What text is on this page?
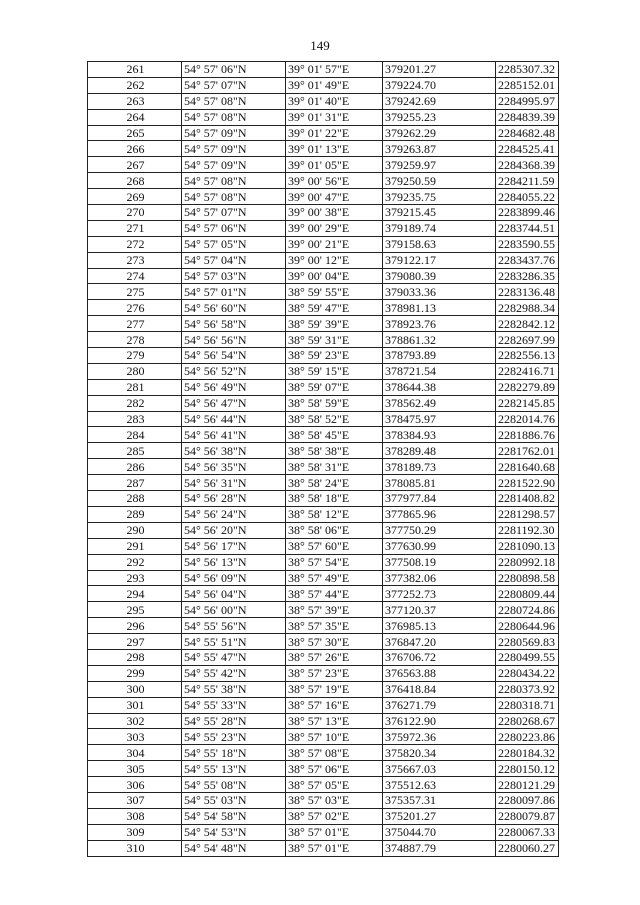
149
261	54° 57' 06"N	39° 01' 57"E	379201.27	2285307.32
262	54° 57' 07"N	39° 01' 49"E	379224.70	2285152.01
263	54° 57' 08"N	39° 01' 40"E	379242.69	2284995.97
264	54° 57' 08"N	39° 01' 31"E	379255.23	2284839.39
265	54° 57' 09"N	39° 01' 22"E	379262.29	2284682.48
266	54° 57' 09"N	39° 01' 13"E	379263.87	2284525.41
267	54° 57' 09"N	39° 01' 05"E	379259.97	2284368.39
268	54° 57' 08"N	39° 00' 56"E	379250.59	2284211.59
269	54° 57' 08"N	39° 00' 47"E	379235.75	2284055.22
270	54° 57' 07"N	39° 00' 38"E	379215.45	2283899.46
271	54° 57' 06"N	39° 00' 29"E	379189.74	2283744.51
272	54° 57' 05"N	39° 00' 21"E	379158.63	2283590.55
273	54° 57' 04"N	39° 00' 12"E	379122.17	2283437.76
274	54° 57' 03"N	39° 00' 04"E	379080.39	2283286.35
275	54° 57' 01"N	38° 59' 55"E	379033.36	2283136.48
276	54° 56' 60"N	38° 59' 47"E	378981.13	2282988.34
277	54° 56' 58"N	38° 59' 39"E	378923.76	2282842.12
278	54° 56' 56"N	38° 59' 31"E	378861.32	2282697.99
279	54° 56' 54"N	38° 59' 23"E	378793.89	2282556.13
280	54° 56' 52"N	38° 59' 15"E	378721.54	2282416.71
281	54° 56' 49"N	38° 59' 07"E	378644.38	2282279.89
282	54° 56' 47"N	38° 58' 59"E	378562.49	2282145.85
283	54° 56' 44"N	38° 58' 52"E	378475.97	2282014.76
284	54° 56' 41"N	38° 58' 45"E	378384.93	2281886.76
285	54° 56' 38"N	38° 58' 38"E	378289.48	2281762.01
286	54° 56' 35"N	38° 58' 31"E	378189.73	2281640.68
287	54° 56' 31"N	38° 58' 24"E	378085.81	2281522.90
288	54° 56' 28"N	38° 58' 18"E	377977.84	2281408.82
289	54° 56' 24"N	38° 58' 12"E	377865.96	2281298.57
290	54° 56' 20"N	38° 58' 06"E	377750.29	2281192.30
291	54° 56' 17"N	38° 57' 60"E	377630.99	2281090.13
292	54° 56' 13"N	38° 57' 54"E	377508.19	2280992.18
293	54° 56' 09"N	38° 57' 49"E	377382.06	2280898.58
294	54° 56' 04"N	38° 57' 44"E	377252.73	2280809.44
295	54° 56' 00"N	38° 57' 39"E	377120.37	2280724.86
296	54° 55' 56"N	38° 57' 35"E	376985.13	2280644.96
297	54° 55' 51"N	38° 57' 30"E	376847.20	2280569.83
298	54° 55' 47"N	38° 57' 26"E	376706.72	2280499.55
299	54° 55' 42"N	38° 57' 23"E	376563.88	2280434.22
300	54° 55' 38"N	38° 57' 19"E	376418.84	2280373.92
301	54° 55' 33"N	38° 57' 16"E	376271.79	2280318.71
302	54° 55' 28"N	38° 57' 13"E	376122.90	2280268.67
303	54° 55' 23"N	38° 57' 10"E	375972.36	2280223.86
304	54° 55' 18"N	38° 57' 08"E	375820.34	2280184.32
305	54° 55' 13"N	38° 57' 06"E	375667.03	2280150.12
306	54° 55' 08"N	38° 57' 05"E	375512.63	2280121.29
307	54° 55' 03"N	38° 57' 03"E	375357.31	2280097.86
308	54° 54' 58"N	38° 57' 02"E	375201.27	2280079.87
309	54° 54' 53"N	38° 57' 01"E	375044.70	2280067.33
310	54° 54' 48"N	38° 57' 01"E	374887.79	2280060.27
